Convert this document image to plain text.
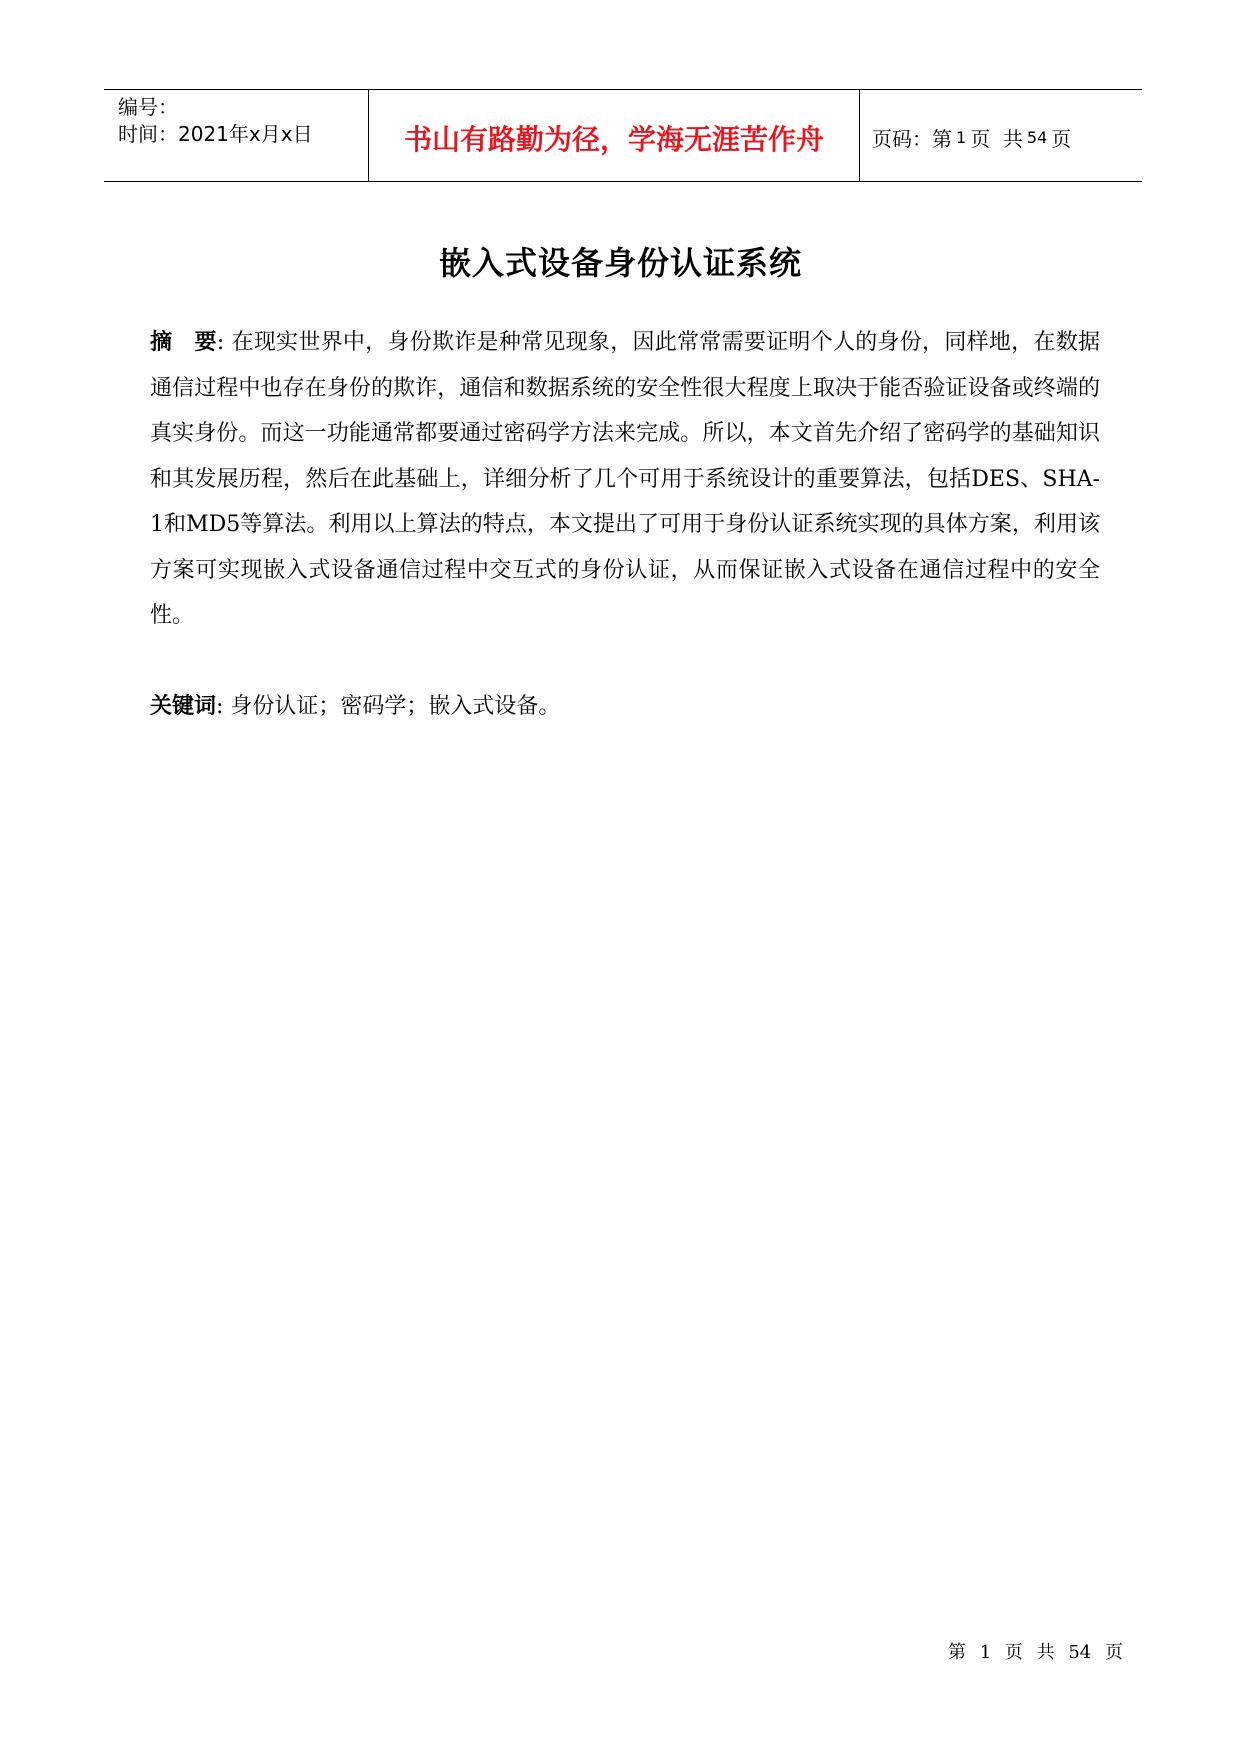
编号：
时间：2021年x月x日	书山有路勤为径，学海无涯苦作舟	页码：第 1 页  共 54 页
嵌入式设备身份认证系统
摘　要: 在现实世界中，身份欺诈是种常见现象，因此常常需要证明个人的身份，同样地，在数据通信过程中也存在身份的欺诈，通信和数据系统的安全性很大程度上取决于能否验证设备或终端的真实身份。而这一功能通常都要通过密码学方法来完成。所以，本文首先介绍了密码学的基础知识和其发展历程，然后在此基础上，详细分析了几个可用于系统设计的重要算法，包括DES、SHA-1和MD5等算法。利用以上算法的特点，本文提出了可用于身份认证系统实现的具体方案，利用该方案可实现嵌入式设备通信过程中交互式的身份认证，从而保证嵌入式设备在通信过程中的安全性。
关键词: 身份认证；密码学；嵌入式设备。
第 1 页 共 54 页
